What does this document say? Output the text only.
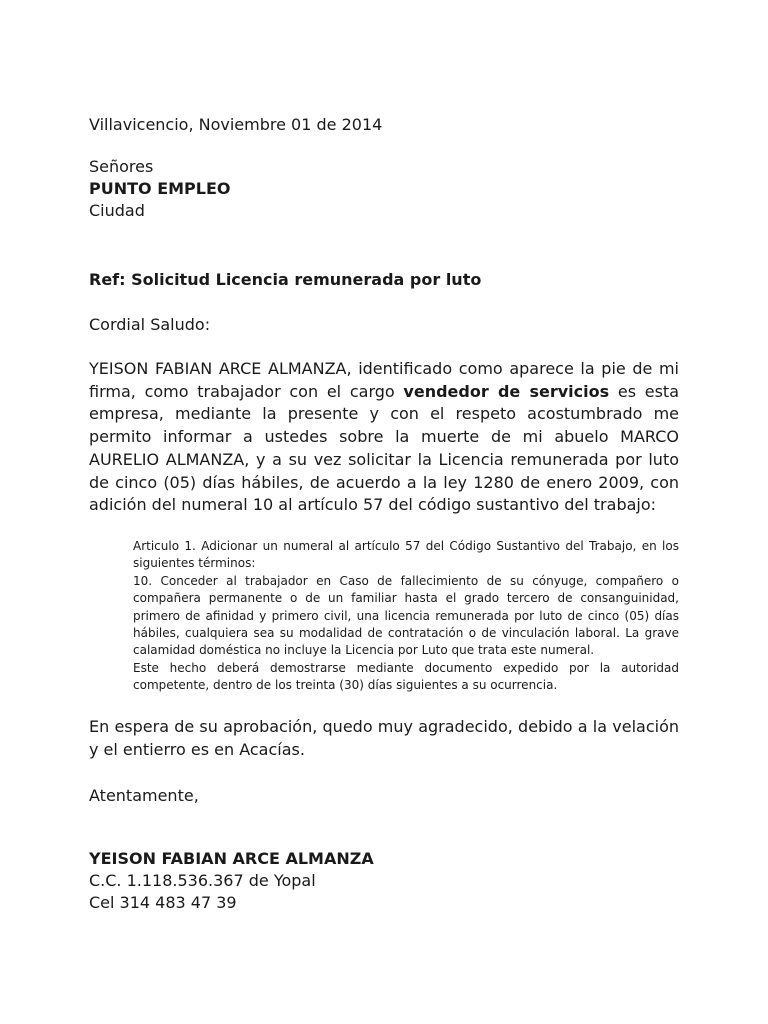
Villavicencio, Noviembre 01 de 2014

Señores

PUNTO EMPLEO

Ciudad

Ref: Solicitud Licencia remunerada por luto

Cordial Saludo:

YEISON FABIAN ARCE ALMANZA, identificado como aparece la pie de mi firma, como trabajador con el cargo vendedor de servicios es esta empresa, mediante la presente y con el respeto acostumbrado me permito informar a ustedes sobre la muerte de mi abuelo MARCO AURELIO ALMANZA, y a su vez solicitar la Licencia remunerada por luto de cinco (05) días hábiles, de acuerdo a la ley 1280 de enero 2009, con adición del numeral 10 al artículo 57 del código sustantivo del trabajo:

Articulo 1. Adicionar un numeral al artículo 57 del Código Sustantivo del Trabajo, en los siguientes términos:

10. Conceder al trabajador en Caso de fallecimiento de su cónyuge, compañero o compañera permanente o de un familiar hasta el grado tercero de consanguinidad, primero de afinidad y primero civil, una licencia remunerada por luto de cinco (05) días hábiles, cualquiera sea su modalidad de contratación o de vinculación laboral. La grave calamidad doméstica no incluye la Licencia por Luto que trata este numeral.

Este hecho deberá demostrarse mediante documento expedido por la autoridad competente, dentro de los treinta (30) días siguientes a su ocurrencia.

En espera de su aprobación, quedo muy agradecido, debido a la velación y el entierro es en Acacías.

Atentamente,

YEISON FABIAN ARCE ALMANZA

C.C. 1.118.536.367 de Yopal

Cel 314 483 47 39
